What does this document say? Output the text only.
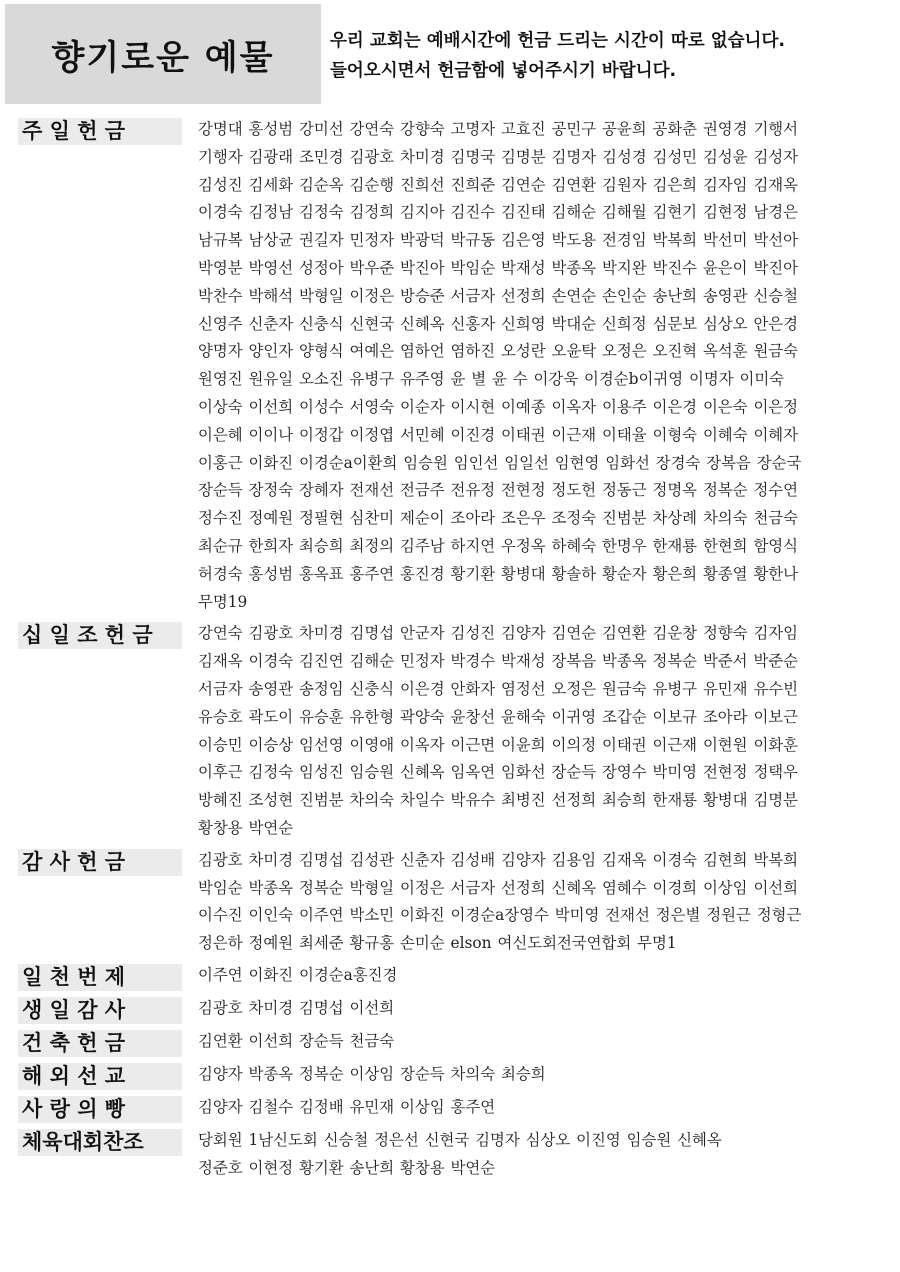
향기로운 예물	우리 교회는 예배시간에 헌금 드리는 시간이 따로 없습니다.
들어오시면서 헌금함에 넣어주시기 바랍니다.
주 일 헌 금	강명대 홍성범 강미선 강연숙 강향숙 고명자 고효진 공민구 공윤희 공화춘 권영경 기행서
기행자 김광래 조민경 김광호 차미경 김명국 김명분 김명자 김성경 김성민 김성윤 김성자
김성진 김세화 김순옥 김순행 진희선 진희준 김연순 김연환 김원자 김은희 김자임 김재옥
이경숙 김정남 김정숙 김정희 김지아 김진수 김진태 김해순 김해월 김현기 김현정 남경은
남규복 남상균 권길자 민정자 박광덕 박규동 김은영 박도용 전경임 박복희 박선미 박선아
박영분 박영선 성정아 박우준 박진아 박임순 박재성 박종옥 박지완 박진수 윤은이 박진아
박찬수 박해석 박형일 이정은 방승준 서금자 선정희 손연순 손인순 송난희 송영관 신승철
신영주 신춘자 신충식 신현국 신혜옥 신홍자 신희영 박대순 신희정 심문보 심상오 안은경
양명자 양인자 양형식 여예은 염하언 염하진 오성란 오윤탁 오정은 오진혁 옥석훈 원금숙
원영진 원유일 오소진 유병구 유주영 윤 별 윤 수 이강욱 이경순b이귀영 이명자 이미숙
이상숙 이선희 이성수 서영숙 이순자 이시현 이예종 이옥자 이용주 이은경 이은숙 이은정
이은혜 이이나 이정갑 이정엽 서민혜 이진경 이태권 이근재 이태율 이형숙 이혜숙 이혜자
이홍근 이화진 이경순a이환희 임승원 임인선 임일선 임현영 임화선 장경숙 장복음 장순국
장순득 장정숙 장혜자 전재선 전금주 전유정 전현정 정도헌 정동근 정명옥 정복순 정수연
정수진 정예원 정필현 심찬미 제순이 조아라 조은우 조정숙 진범분 차상례 차의숙 천금숙
최순규 한희자 최승희 최정의 김주남 하지연 우정옥 하혜숙 한명우 한재룡 한현희 함영식
허경숙 홍성범 홍옥표 홍주연 홍진경 황기환 황병대 황솔하 황순자 황은희 황종열 황한나
무명19
십 일 조 헌 금	강연숙 김광호 차미경 김명섭 안군자 김성진 김양자 김연순 김연환 김운창 정향숙 김자임
김재옥 이경숙 김진연 김해순 민정자 박경수 박재성 장복음 박종옥 정복순 박준서 박준순
서금자 송영관 송정임 신충식 이은경 안화자 염정선 오정은 원금숙 유병구 유민재 유수빈
유승호 곽도이 유승훈 유한형 곽양숙 윤창선 윤해숙 이귀영 조갑순 이보규 조아라 이보근
이승민 이승상 임선영 이영애 이옥자 이근면 이윤희 이의정 이태권 이근재 이현원 이화훈
이후근 김정숙 임성진 임승원 신혜옥 임옥연 임화선 장순득 장영수 박미영 전현정 정택우
방혜진 조성현 진범분 차의숙 차일수 박유수 최병진 선정희 최승희 한재룡 황병대 김명분
황창용 박연순
감 사 헌 금	김광호 차미경 김명섭 김성관 신춘자 김성배 김양자 김용임 김재옥 이경숙 김현희 박복희
박임순 박종옥 정복순 박형일 이정은 서금자 선정희 신혜옥 염혜수 이경희 이상임 이선희
이수진 이인숙 이주연 박소민 이화진 이경순a장영수 박미영 전재선 정은별 정원근 정형근
정은하 정예원 최세준 황규홍 손미순 elson 여신도회전국연합회 무명1
일 천 번 제	이주연 이화진 이경순a홍진경
생 일 감 사	김광호 차미경 김명섭 이선희
건 축 헌 금	김연환 이선희 장순득 천금숙
해 외 선 교	김양자 박종옥 정복순 이상임 장순득 차의숙 최승희
사 랑 의 빵	김양자 김철수 김정배 유민재 이상임 홍주연
체육대회찬조	당회원 1남신도회 신승철 정은선 신현국 김명자 심상오 이진영 임승원 신혜옥
정준호 이현정 황기환 송난희 황창용 박연순
